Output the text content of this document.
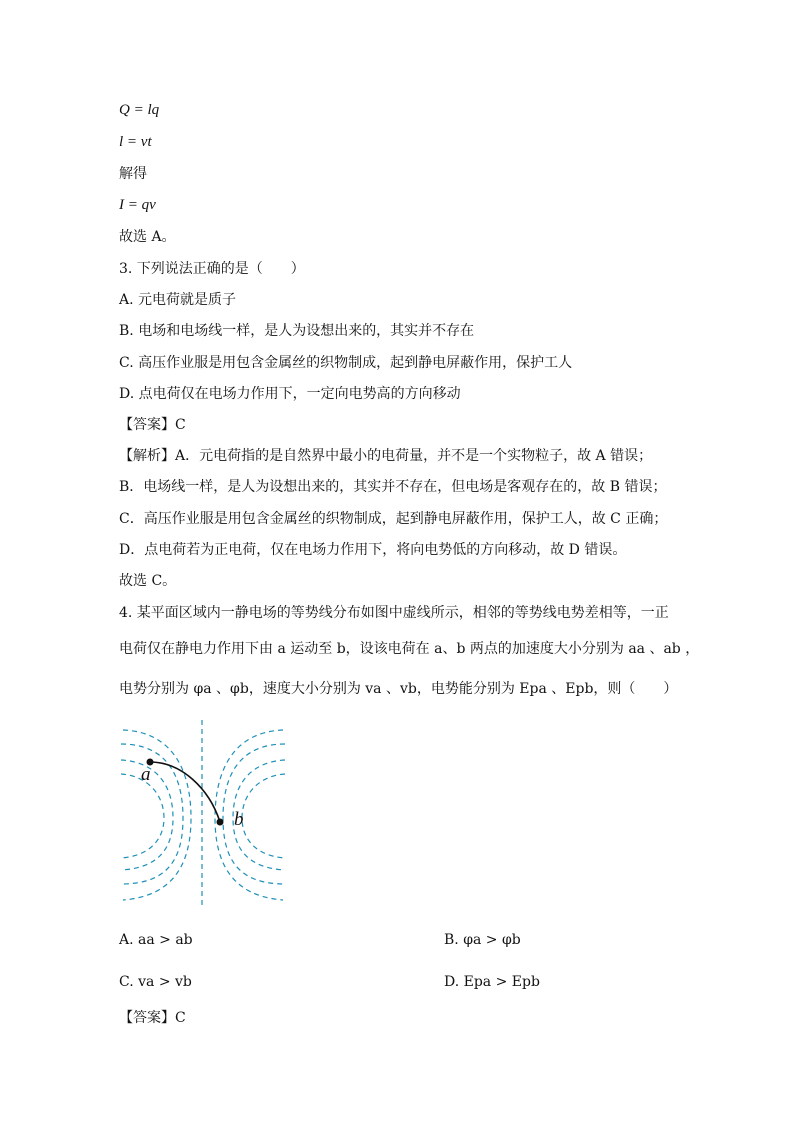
Q = lq
l = vt
解得
I = qv
故选 A。
3. 下列说法正确的是（　　）
A. 元电荷就是质子
B. 电场和电场线一样，是人为设想出来的，其实并不存在
C. 高压作业服是用包含金属丝的织物制成，起到静电屏蔽作用，保护工人
D. 点电荷仅在电场力作用下，一定向电势高的方向移动
【答案】C
【解析】A．元电荷指的是自然界中最小的电荷量，并不是一个实物粒子，故 A 错误；
B．电场线一样，是人为设想出来的，其实并不存在，但电场是客观存在的，故 B 错误；
C．高压作业服是用包含金属丝的织物制成，起到静电屏蔽作用，保护工人，故 C 正确；
D．点电荷若为正电荷，仅在电场力作用下，将向电势低的方向移动，故 D 错误。
故选 C。
4. 某平面区域内一静电场的等势线分布如图中虚线所示，相邻的等势线电势差相等，一正
电荷仅在静电力作用下由 a 运动至 b，设该电荷在 a、b 两点的加速度大小分别为 aa 、ab ，
电势分别为 φa 、φb，速度大小分别为 va 、vb，电势能分别为 Epa 、Epb，则（　　）
a
b
A. aa > ab	B. φa > φb
C. va > vb	D. Epa > Epb
【答案】C
